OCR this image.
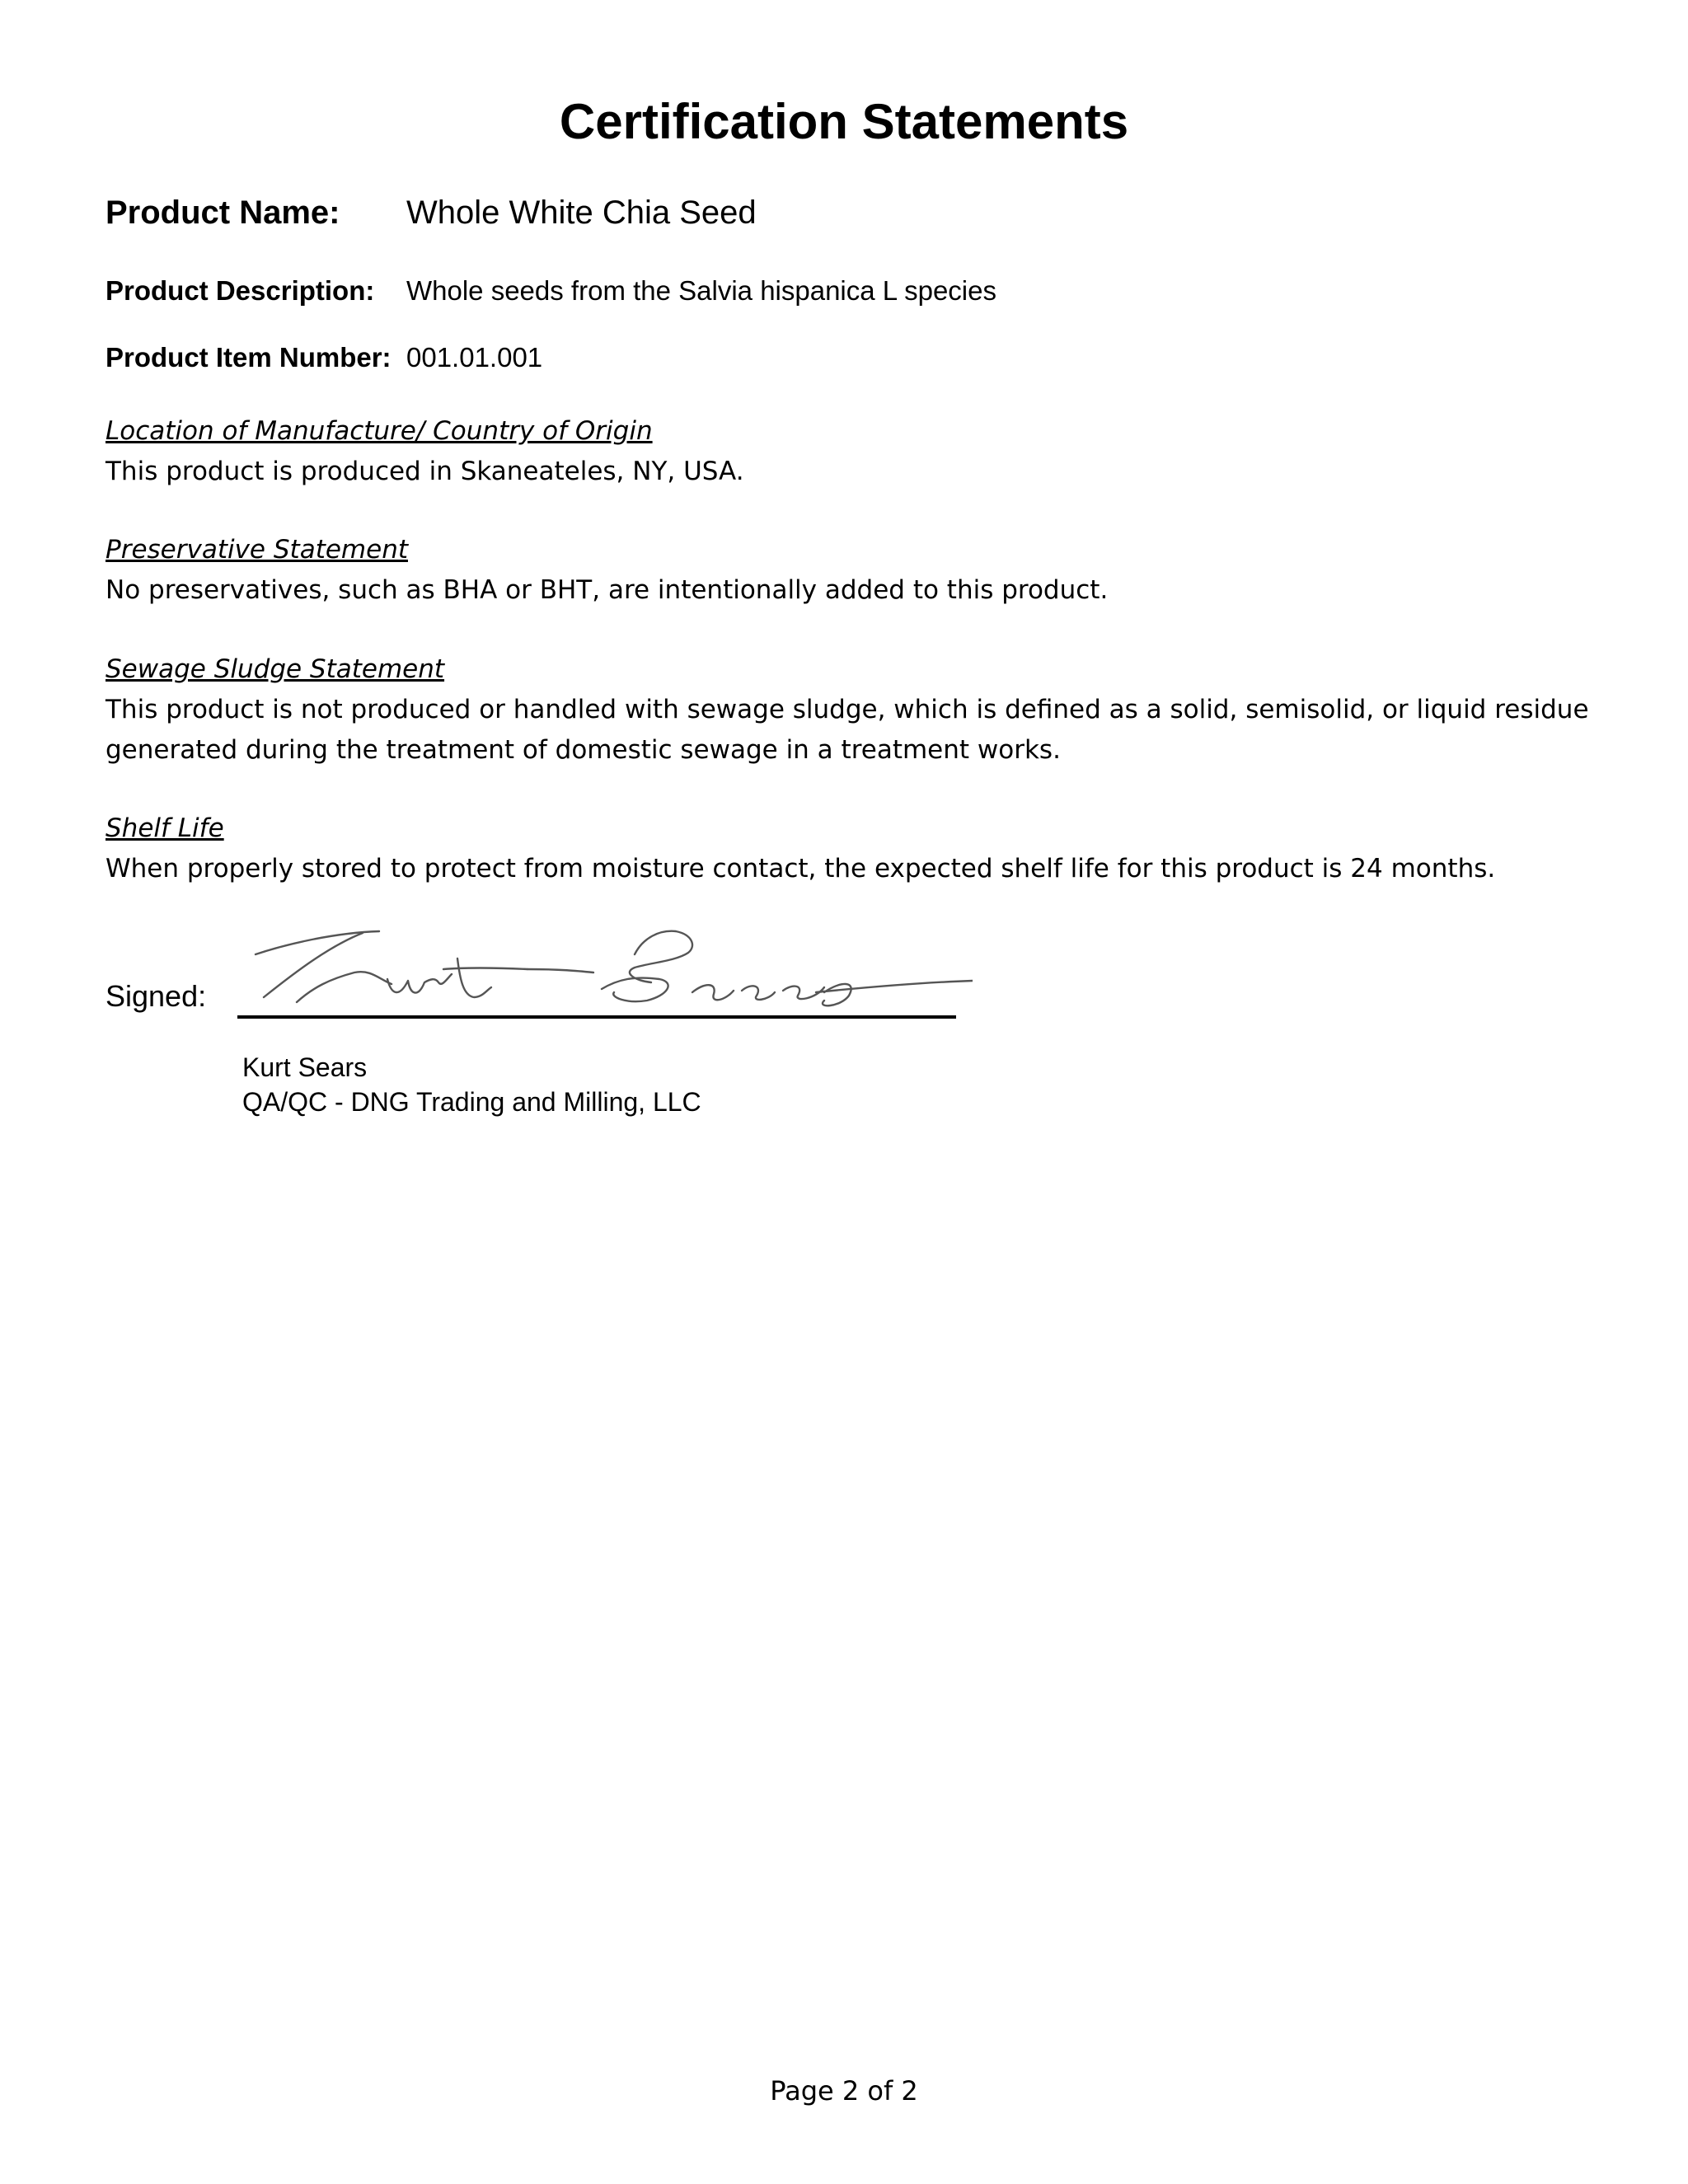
Certification Statements
Product Name: Whole White Chia Seed
Product Description: Whole seeds from the Salvia hispanica L species
Product Item Number: 001.01.001
Location of Manufacture/ Country of Origin
This product is produced in Skaneateles, NY, USA.
Preservative Statement
No preservatives, such as BHA or BHT, are intentionally added to this product.
Sewage Sludge Statement
This product is not produced or handled with sewage sludge, which is defined as a solid, semisolid, or liquid residue generated during the treatment of domestic sewage in a treatment works.
Shelf Life
When properly stored to protect from moisture contact, the expected shelf life for this product is 24 months.
Signed:
Kurt Sears
QA/QC - DNG Trading and Milling, LLC
Page 2 of 2
